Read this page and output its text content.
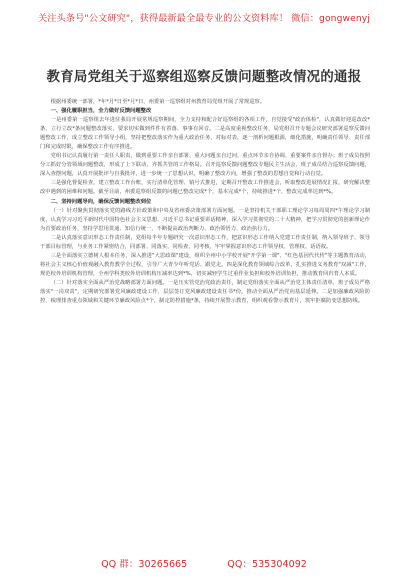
关注头条号"公文研究"，获得最新最全最专业的公文资料库！ 微信：gongwenyj
教育局党组关于巡察组巡察反馈问题整改情况的通报

根据州委统一部署，*年*月*日至*月*日，州委第一巡察组对州教育局党组开展了常规巡察。

一、强化履职担当，全力做好反馈问题整改

一是州委第一巡察组去年进驻我局开展常规巡察期间，全力支持和配合好巡察组的各项工作，自觉接受"政治体检"，认真做好迎巡改改*条、立行立改*条问题整改落实，要求切实做到件件有着落、事事有回音。二是高度重视整改任务，局党组召开专题会议研究部署巡察反馈问题整改工作，成立整改工作领导小组，坚持把整改落实作为重大政治任务，对标对表，逐一剖析问题根源，细化措施，明确责任领导、责任部门和完成时限，确保整改工作有序推进。

党组书记认真履行第一责任人职责，做到重要工作亲自部署、重大问题亲自过问、重点环节亲自协调、重要案件亲自督办；班子成员按照分工抓好分管领域问题整改，形成了上下联动、齐抓共管的工作格局。召开巡察反馈问题整改专题民主生活会，班子成员结合巡察反馈问题，深入查摆问题，认真开展批评与自我批评，进一步统一了思想认识，明确了整改方向，增强了整改的思想自觉和行动自觉。

三是强化督促检查，建立整改工作台账，实行清单化管理、销号式推进，定期召开整改工作推进会，听取整改进展情况汇报，研究解决整改中遇到的困难和问题。截至目前，州委巡察组反馈的问题已整改完成*个，基本完成*个，持续推进*个，整改完成率达到*%。

二、坚持问题导向，确保反馈问题整改到位

（一）针对聚焦贯彻落实党的路线方针政策和中央及省州委决策部署方面问题。一是坚持机关干部职工理论学习每周周四*午理论学习制度，认真学习习近平新时代中国特色社会主义思想、习近平总书记重要讲话精神，深入学习贯彻党的二十大精神，把学习贯彻党的创新理论作为首要政治任务，坚持学思用贯通、知信行统一，不断提高政治判断力、政治领悟力、政治执行力。

二是认真落实意识形态工作责任制，党组每半年专题研究一次意识形态工作，把意识形态工作纳入党建工作责任制，纳入领导班子、领导干部目标管理，与业务工作紧密结合，同部署、同落实、同检查、同考核，牢牢掌握意识形态工作领导权、管理权、话语权。

三是全面落实立德树人根本任务，深入推进"大思政课"建设，组织全州中小学校开展"开学第一课"、"红色基因代代传"等主题教育活动，将社会主义核心价值观融入教育教学全过程，引导广大青少年听党话、跟党走。四是深化教育领域综合改革，扎实推进义务教育"双减"工作，规范校外培训机构管理，全州学科类校外培训机构压减率达到*%，切实减轻学生过重作业负担和校外培训负担，推动教育回归育人本质。

（二）针对落实全面从严治党战略部署方面问题。一是压实管党治党政治责任，制定党组落实全面从严治党主体责任清单，班子成员严格落实"一岗双责"，定期研究部署党风廉政建设工作，层层签订党风廉政建设责任书*份，推动全面从严治党向基层延伸。二是加强廉政风险防控，梳理排查重点领域和关键环节廉政风险点*个，制定防控措施*条，持续开展警示教育，组织观看警示教育片，筑牢拒腐防变思想防线。

QQ 群：30265665	QQ：535304092
